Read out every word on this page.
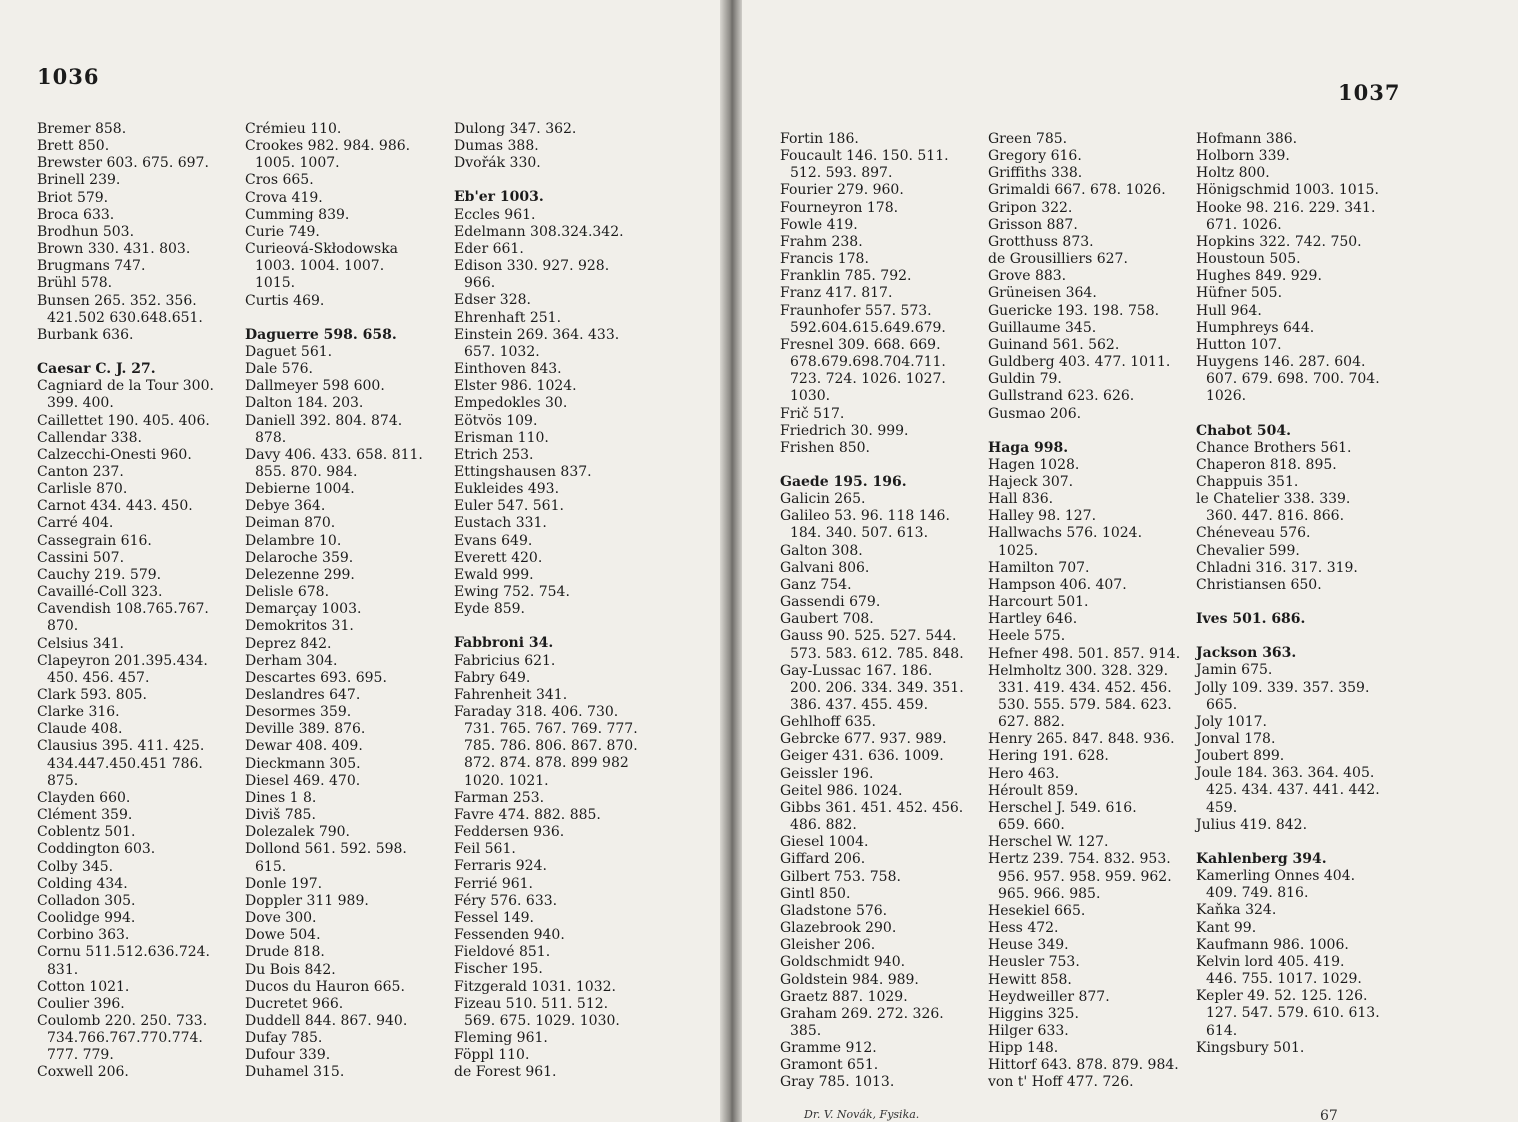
1036
Bremer 858.
Brett 850.
Brewster 603. 675. 697.
Brinell 239.
Briot 579.
Broca 633.
Brodhun 503.
Brown 330. 431. 803.
Brugmans 747.
Brühl 578.
Bunsen 265. 352. 356.
421.502 630.648.651.
Burbank 636.
Caesar C. J. 27.
Cagniard de la Tour 300.
399. 400.
Caillettet 190. 405. 406.
Callendar 338.
Calzecchi-Onesti 960.
Canton 237.
Carlisle 870.
Carnot 434. 443. 450.
Carré 404.
Cassegrain 616.
Cassini 507.
Cauchy 219. 579.
Cavaillé-Coll 323.
Cavendish 108.765.767.
870.
Celsius 341.
Clapeyron 201.395.434.
450. 456. 457.
Clark 593. 805.
Clarke 316.
Claude 408.
Clausius 395. 411. 425.
434.447.450.451 786.
875.
Clayden 660.
Clément 359.
Coblentz 501.
Coddington 603.
Colby 345.
Colding 434.
Colladon 305.
Coolidge 994.
Corbino 363.
Cornu 511.512.636.724.
831.
Cotton 1021.
Coulier 396.
Coulomb 220. 250. 733.
734.766.767.770.774.
777. 779.
Coxwell 206.
Crémieu 110.
Crookes 982. 984. 986.
1005. 1007.
Cros 665.
Crova 419.
Cumming 839.
Curie 749.
Curieová-Skłodowska
1003. 1004. 1007.
1015.
Curtis 469.
Daguerre 598. 658.
Daguet 561.
Dale 576.
Dallmeyer 598 600.
Dalton 184. 203.
Daniell 392. 804. 874.
878.
Davy 406. 433. 658. 811.
855. 870. 984.
Debierne 1004.
Debye 364.
Deiman 870.
Delambre 10.
Delaroche 359.
Delezenne 299.
Delisle 678.
Demarçay 1003.
Demokritos 31.
Deprez 842.
Derham 304.
Descartes 693. 695.
Deslandres 647.
Desormes 359.
Deville 389. 876.
Dewar 408. 409.
Dieckmann 305.
Diesel 469. 470.
Dines 1 8.
Diviš 785.
Dolezalek 790.
Dollond 561. 592. 598.
615.
Donle 197.
Doppler 311 989.
Dove 300.
Dowe 504.
Drude 818.
Du Bois 842.
Ducos du Hauron 665.
Ducretet 966.
Duddell 844. 867. 940.
Dufay 785.
Dufour 339.
Duhamel 315.
Dulong 347. 362.
Dumas 388.
Dvořák 330.
Eb'er 1003.
Eccles 961.
Edelmann 308.324.342.
Eder 661.
Edison 330. 927. 928.
966.
Edser 328.
Ehrenhaft 251.
Einstein 269. 364. 433.
657. 1032.
Einthoven 843.
Elster 986. 1024.
Empedokles 30.
Eötvös 109.
Erisman 110.
Etrich 253.
Ettingshausen 837.
Eukleides 493.
Euler 547. 561.
Eustach 331.
Evans 649.
Everett 420.
Ewald 999.
Ewing 752. 754.
Eyde 859.
Fabbroni 34.
Fabricius 621.
Fabry 649.
Fahrenheit 341.
Faraday 318. 406. 730.
731. 765. 767. 769. 777.
785. 786. 806. 867. 870.
872. 874. 878. 899 982
1020. 1021.
Farman 253.
Favre 474. 882. 885.
Feddersen 936.
Feil 561.
Ferraris 924.
Ferrié 961.
Féry 576. 633.
Fessel 149.
Fessenden 940.
Fieldové 851.
Fischer 195.
Fitzgerald 1031. 1032.
Fizeau 510. 511. 512.
569. 675. 1029. 1030.
Fleming 961.
Föppl 110.
de Forest 961.
1037
Fortin 186.
Foucault 146. 150. 511.
512. 593. 897.
Fourier 279. 960.
Fourneyron 178.
Fowle 419.
Frahm 238.
Francis 178.
Franklin 785. 792.
Franz 417. 817.
Fraunhofer 557. 573.
592.604.615.649.679.
Fresnel 309. 668. 669.
678.679.698.704.711.
723. 724. 1026. 1027.
1030.
Frič 517.
Friedrich 30. 999.
Frishen 850.
Gaede 195. 196.
Galicin 265.
Galileo 53. 96. 118 146.
184. 340. 507. 613.
Galton 308.
Galvani 806.
Ganz 754.
Gassendi 679.
Gaubert 708.
Gauss 90. 525. 527. 544.
573. 583. 612. 785. 848.
Gay-Lussac 167. 186.
200. 206. 334. 349. 351.
386. 437. 455. 459.
Gehlhoff 635.
Gebrcke 677. 937. 989.
Geiger 431. 636. 1009.
Geissler 196.
Geitel 986. 1024.
Gibbs 361. 451. 452. 456.
486. 882.
Giesel 1004.
Giffard 206.
Gilbert 753. 758.
Gintl 850.
Gladstone 576.
Glazebrook 290.
Gleisher 206.
Goldschmidt 940.
Goldstein 984. 989.
Graetz 887. 1029.
Graham 269. 272. 326.
385.
Gramme 912.
Gramont 651.
Gray 785. 1013.
Green 785.
Gregory 616.
Griffiths 338.
Grimaldi 667. 678. 1026.
Gripon 322.
Grisson 887.
Grotthuss 873.
de Grousilliers 627.
Grove 883.
Grüneisen 364.
Guericke 193. 198. 758.
Guillaume 345.
Guinand 561. 562.
Guldberg 403. 477. 1011.
Guldin 79.
Gullstrand 623. 626.
Gusmao 206.
Haga 998.
Hagen 1028.
Hajeck 307.
Hall 836.
Halley 98. 127.
Hallwachs 576. 1024.
1025.
Hamilton 707.
Hampson 406. 407.
Harcourt 501.
Hartley 646.
Heele 575.
Hefner 498. 501. 857. 914.
Helmholtz 300. 328. 329.
331. 419. 434. 452. 456.
530. 555. 579. 584. 623.
627. 882.
Henry 265. 847. 848. 936.
Hering 191. 628.
Hero 463.
Héroult 859.
Herschel J. 549. 616.
659. 660.
Herschel W. 127.
Hertz 239. 754. 832. 953.
956. 957. 958. 959. 962.
965. 966. 985.
Hesekiel 665.
Hess 472.
Heuse 349.
Heusler 753.
Hewitt 858.
Heydweiller 877.
Higgins 325.
Hilger 633.
Hipp 148.
Hittorf 643. 878. 879. 984.
von t' Hoff 477. 726.
Hofmann 386.
Holborn 339.
Holtz 800.
Hönigschmid 1003. 1015.
Hooke 98. 216. 229. 341.
671. 1026.
Hopkins 322. 742. 750.
Houstoun 505.
Hughes 849. 929.
Hüfner 505.
Hull 964.
Humphreys 644.
Hutton 107.
Huygens 146. 287. 604.
607. 679. 698. 700. 704.
1026.
Chabot 504.
Chance Brothers 561.
Chaperon 818. 895.
Chappuis 351.
le Chatelier 338. 339.
360. 447. 816. 866.
Chéneveau 576.
Chevalier 599.
Chladni 316. 317. 319.
Christiansen 650.
Ives 501. 686.
Jackson 363.
Jamin 675.
Jolly 109. 339. 357. 359.
665.
Joly 1017.
Jonval 178.
Joubert 899.
Joule 184. 363. 364. 405.
425. 434. 437. 441. 442.
459.
Julius 419. 842.
Kahlenberg 394.
Kamerling Onnes 404.
409. 749. 816.
Kaňka 324.
Kant 99.
Kaufmann 986. 1006.
Kelvin lord 405. 419.
446. 755. 1017. 1029.
Kepler 49. 52. 125. 126.
127. 547. 579. 610. 613.
614.
Kingsbury 501.
Dr. V. Novák, Fysika.	67
